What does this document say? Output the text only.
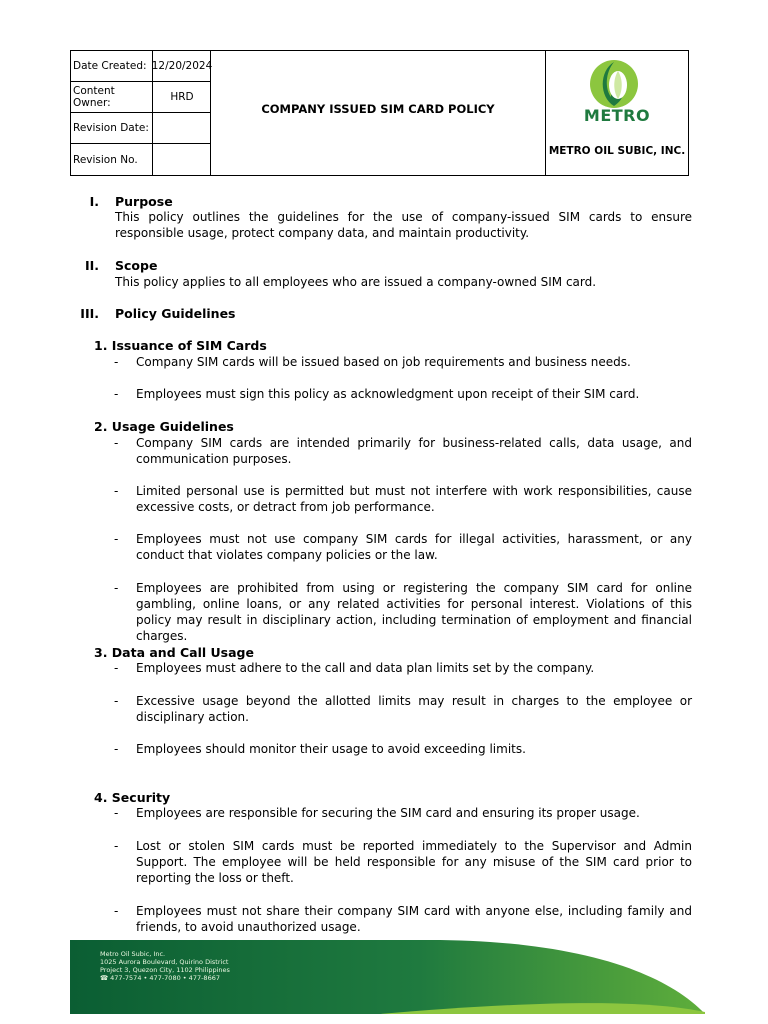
Date Created: 12/20/2024
Content Owner:	HRD
Revision Date:
Revision No.
COMPANY ISSUED SIM CARD POLICY	METRO
METRO OIL SUBIC, INC.
I. Purpose
This policy outlines the guidelines for the use of company-issued SIM cards to ensure responsible usage, protect company data, and maintain productivity.
II. Scope
This policy applies to all employees who are issued a company-owned SIM card.
III. Policy Guidelines
1. Issuance of SIM Cards
- Company SIM cards will be issued based on job requirements and business needs.
- Employees must sign this policy as acknowledgment upon receipt of their SIM card.
2. Usage Guidelines
- Company SIM cards are intended primarily for business-related calls, data usage, and communication purposes.
- Limited personal use is permitted but must not interfere with work responsibilities, cause excessive costs, or detract from job performance.
- Employees must not use company SIM cards for illegal activities, harassment, or any conduct that violates company policies or the law.
- Employees are prohibited from using or registering the company SIM card for online gambling, online loans, or any related activities for personal interest. Violations of this policy may result in disciplinary action, including termination of employment and financial charges.
3. Data and Call Usage
- Employees must adhere to the call and data plan limits set by the company.
- Excessive usage beyond the allotted limits may result in charges to the employee or disciplinary action.
- Employees should monitor their usage to avoid exceeding limits.
4. Security
- Employees are responsible for securing the SIM card and ensuring its proper usage.
- Lost or stolen SIM cards must be reported immediately to the Supervisor and Admin Support. The employee will be held responsible for any misuse of the SIM card prior to reporting the loss or theft.
- Employees must not share their company SIM card with anyone else, including family and friends, to avoid unauthorized usage.
Metro Oil Subic, Inc.
1025 Aurora Boulevard, Quirino District
Project 3, Quezon City, 1102 Philippines
☎ 477-7574 • 477-7080 • 477-8667
